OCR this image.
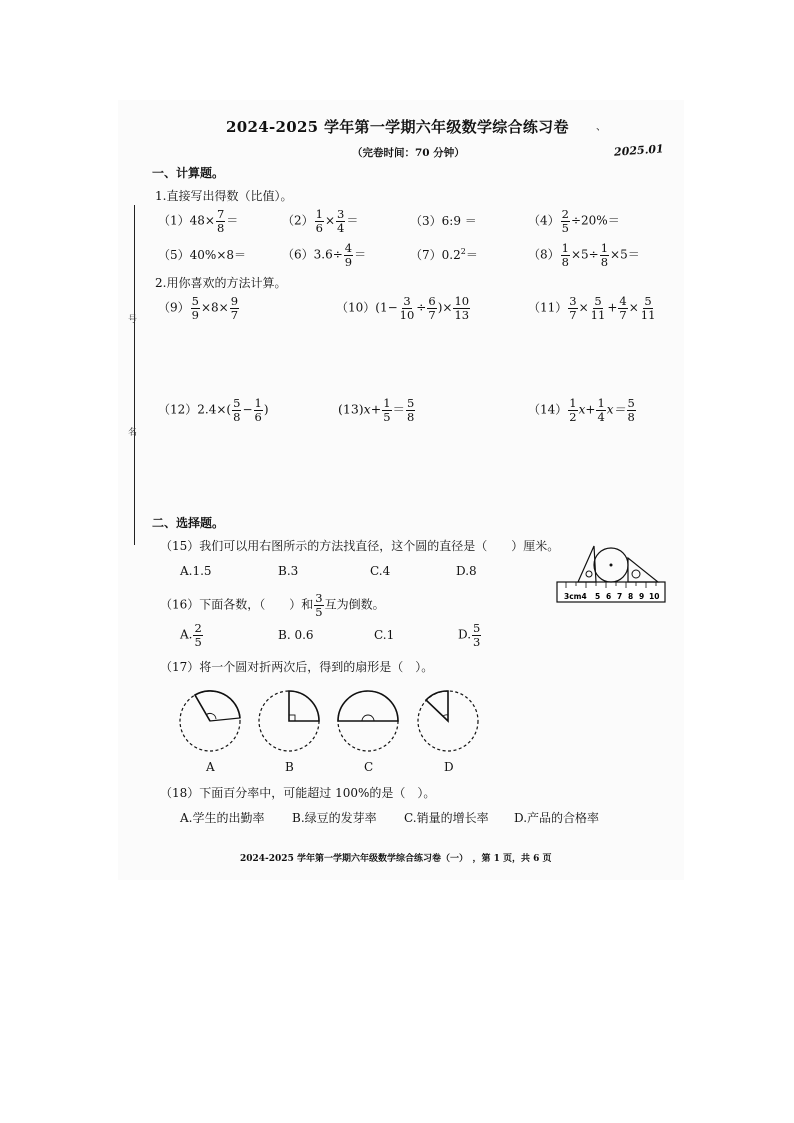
号
名
2024-2025 学年第一学期六年级数学综合练习卷	、
（完卷时间：70 分钟）	2025.01
一、计算题。
1.直接写出得数（比值）。
$(1)48\times \frac{7}{8}$ ＝	$(2) \frac{1}{6} \times \frac{3}{4}$ ＝	（3）6:9 ＝	$(4) \frac{2}{5} \div 20\%=$
（5）40%×8＝	$(6)3.6\div \frac{4}{9}$ ＝	$(7)0.2^2=$	$(8) \frac{1}{8} \times 5\div \frac{1}{8} \times 5=$
2.用你喜欢的方法计算。
$(9) \frac{5}{9} \times 8\times \frac{9}{7}$	$(10)(1- \frac{3}{10} \div \frac{6}{7}$ )× $\frac{10}{13}$	$(11) \frac{3}{7} \times \frac{5}{11} + \frac{4}{7} \times \frac{5}{11}$
$(12)2.4\times( \frac{5}{8} - \frac{1}{6}$ )	$(13)x+ \frac{1}{5} = \frac{5}{8}$	$(14) \frac{1}{2} x+ \frac{1}{4} x= \frac{5}{8}$
二、选择题。
（15）我们可以用右图所示的方法找直径，这个圆的直径是（　　）厘米。
A.1.5	B.3	C.4	D.8
3cm4 5 6 7 8 9 10
（16）下面各数，（　　）和 $\frac{3}{5}$ 互为倒数。
A. $\frac{2}{5}$	B. 0.6	C.1	D. $\frac{5}{3}$
（17）将一个圆对折两次后，得到的扇形是（　）。
A	B	C	D
（18）下面百分率中，可能超过 100%的是（　）。
A.学生的出勤率 B.绿豆的发芽率 C.销量的增长率 D.产品的合格率
2024-2025 学年第一学期六年级数学综合练习卷（一）　，第 1 页，共 6 页
